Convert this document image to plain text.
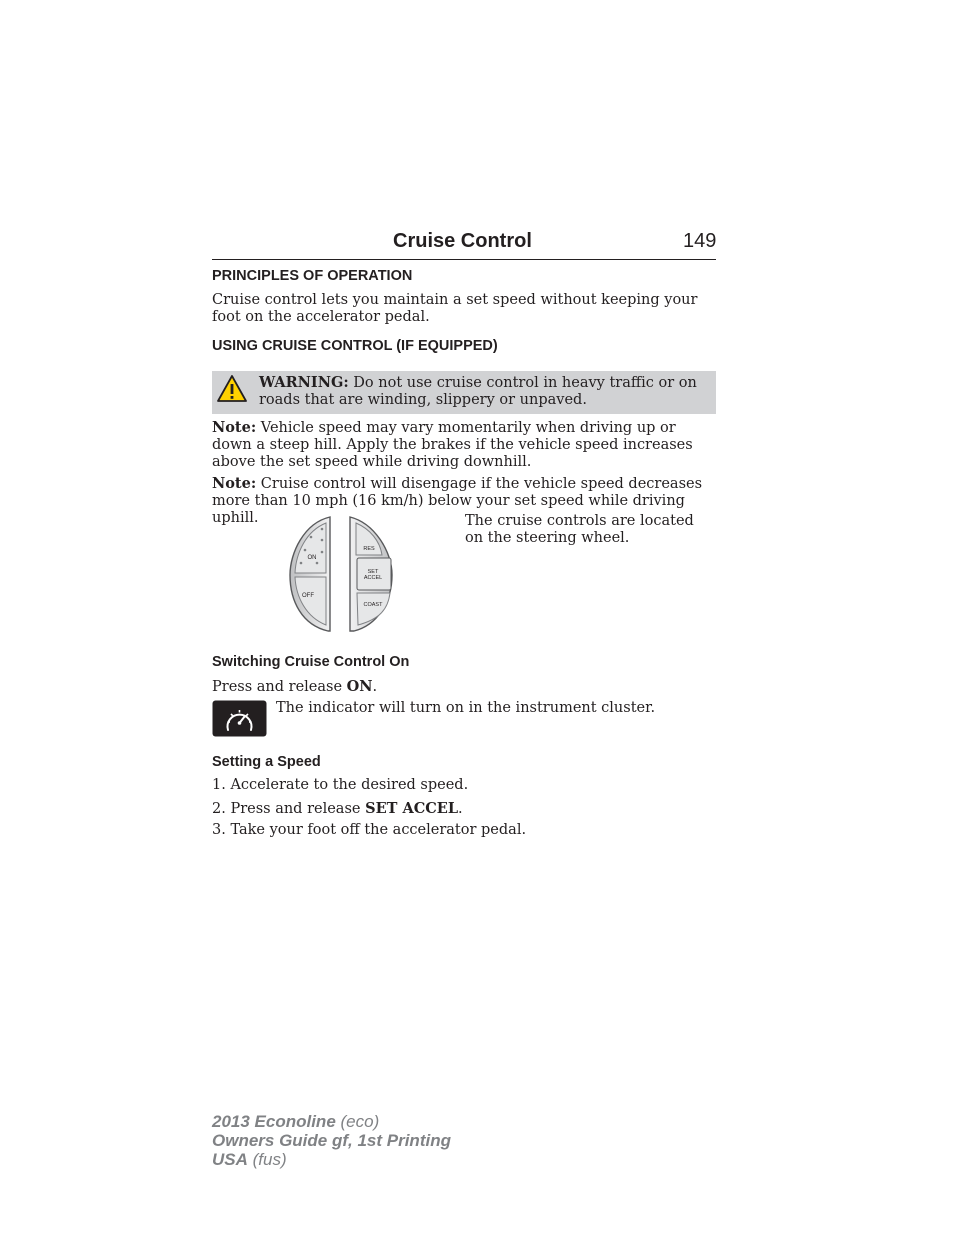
Cruise Control	149
PRINCIPLES OF OPERATION
Cruise control lets you maintain a set speed without keeping your foot on the accelerator pedal.
USING CRUISE CONTROL (IF EQUIPPED)
WARNING: Do not use cruise control in heavy traffic or on roads that are winding, slippery or unpaved.
Note: Vehicle speed may vary momentarily when driving up or down a steep hill. Apply the brakes if the vehicle speed increases above the set speed while driving downhill.
Note: Cruise control will disengage if the vehicle speed decreases more than 10 mph (16 km/h) below your set speed while driving uphill.
ON
OFF
RES
SET
ACCEL
COAST
The cruise controls are located on the steering wheel.
Switching Cruise Control On
Press and release ON.
The indicator will turn on in the instrument cluster.
Setting a Speed
1. Accelerate to the desired speed.
2. Press and release SET ACCEL.
3. Take your foot off the accelerator pedal.
2013 Econoline (eco)
Owners Guide gf, 1st Printing
USA (fus)
